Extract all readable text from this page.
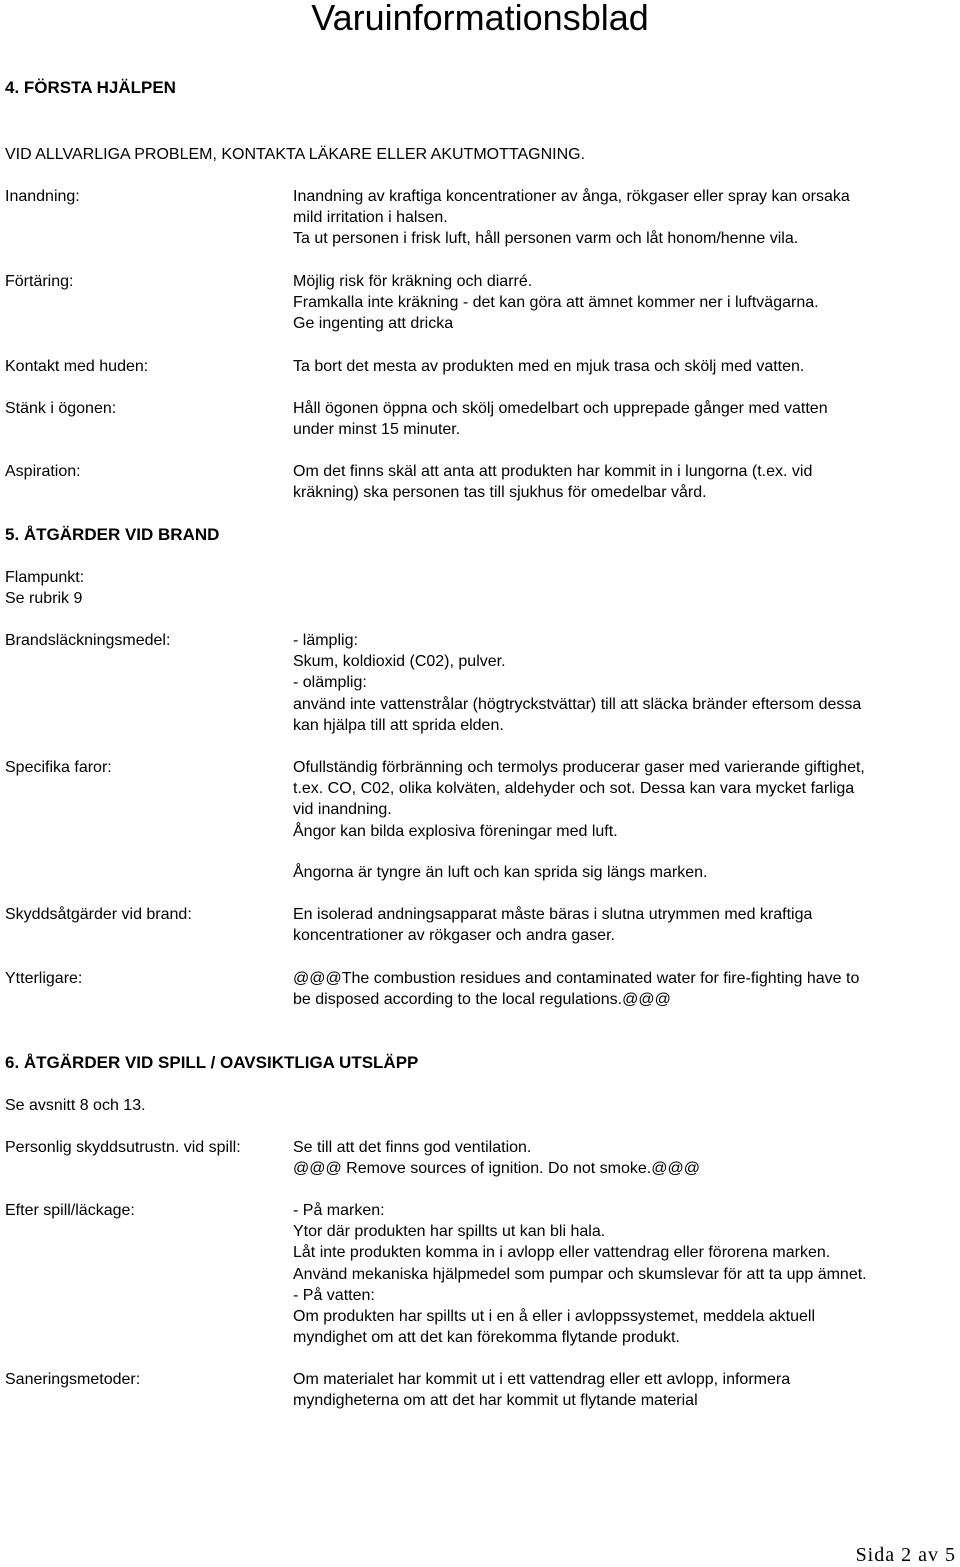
Varuinformationsblad
4. FÖRSTA HJÄLPEN
VID ALLVARLIGA PROBLEM, KONTAKTA LÄKARE ELLER AKUTMOTTAGNING.
Inandning:	Inandning av kraftiga koncentrationer av ånga, rökgaser eller spray kan orsaka
mild irritation i halsen.
Ta ut personen i frisk luft, håll personen varm och låt honom/henne vila.
Förtäring:	Möjlig risk för kräkning och diarré.
Framkalla inte kräkning - det kan göra att ämnet kommer ner i luftvägarna.
Ge ingenting att dricka
Kontakt med huden:	Ta bort det mesta av produkten med en mjuk trasa och skölj med vatten.
Stänk i ögonen:	Håll ögonen öppna och skölj omedelbart och upprepade gånger med vatten
under minst 15 minuter.
Aspiration:	Om det finns skäl att anta att produkten har kommit in i lungorna (t.ex. vid
kräkning) ska personen tas till sjukhus för omedelbar vård.
5. ÅTGÄRDER VID BRAND
Flampunkt:
Se rubrik 9
Brandsläckningsmedel:	- lämplig:
Skum, koldioxid (C02), pulver.
- olämplig:
använd inte vattenstrålar (högtryckstvättar) till att släcka bränder eftersom dessa
kan hjälpa till att sprida elden.
Specifika faror:	Ofullständig förbränning och termolys producerar gaser med varierande giftighet,
t.ex. CO, C02, olika kolväten, aldehyder och sot. Dessa kan vara mycket farliga
vid inandning.
Ångor kan bilda explosiva föreningar med luft.
Ångorna är tyngre än luft och kan sprida sig längs marken.
Skyddsåtgärder vid brand:	En isolerad andningsapparat måste bäras i slutna utrymmen med kraftiga
koncentrationer av rökgaser och andra gaser.
Ytterligare:	@@@The combustion residues and contaminated water for fire-fighting have to
be disposed according to the local regulations.@@@
6. ÅTGÄRDER VID SPILL / OAVSIKTLIGA UTSLÄPP
Se avsnitt 8 och 13.
Personlig skyddsutrustn. vid spill:	Se till att det finns god ventilation.
@@@ Remove sources of ignition. Do not smoke.@@@
Efter spill/läckage:	- På marken:
Ytor där produkten har spillts ut kan bli hala.
Låt inte produkten komma in i avlopp eller vattendrag eller förorena marken.
Använd mekaniska hjälpmedel som pumpar och skumslevar för att ta upp ämnet.
- På vatten:
Om produkten har spillts ut i en å eller i avloppssystemet, meddela aktuell
myndighet om att det kan förekomma flytande produkt.
Saneringsmetoder:	Om materialet har kommit ut i ett vattendrag eller ett avlopp, informera
myndigheterna om att det har kommit ut flytande material
Sida 2 av 5
